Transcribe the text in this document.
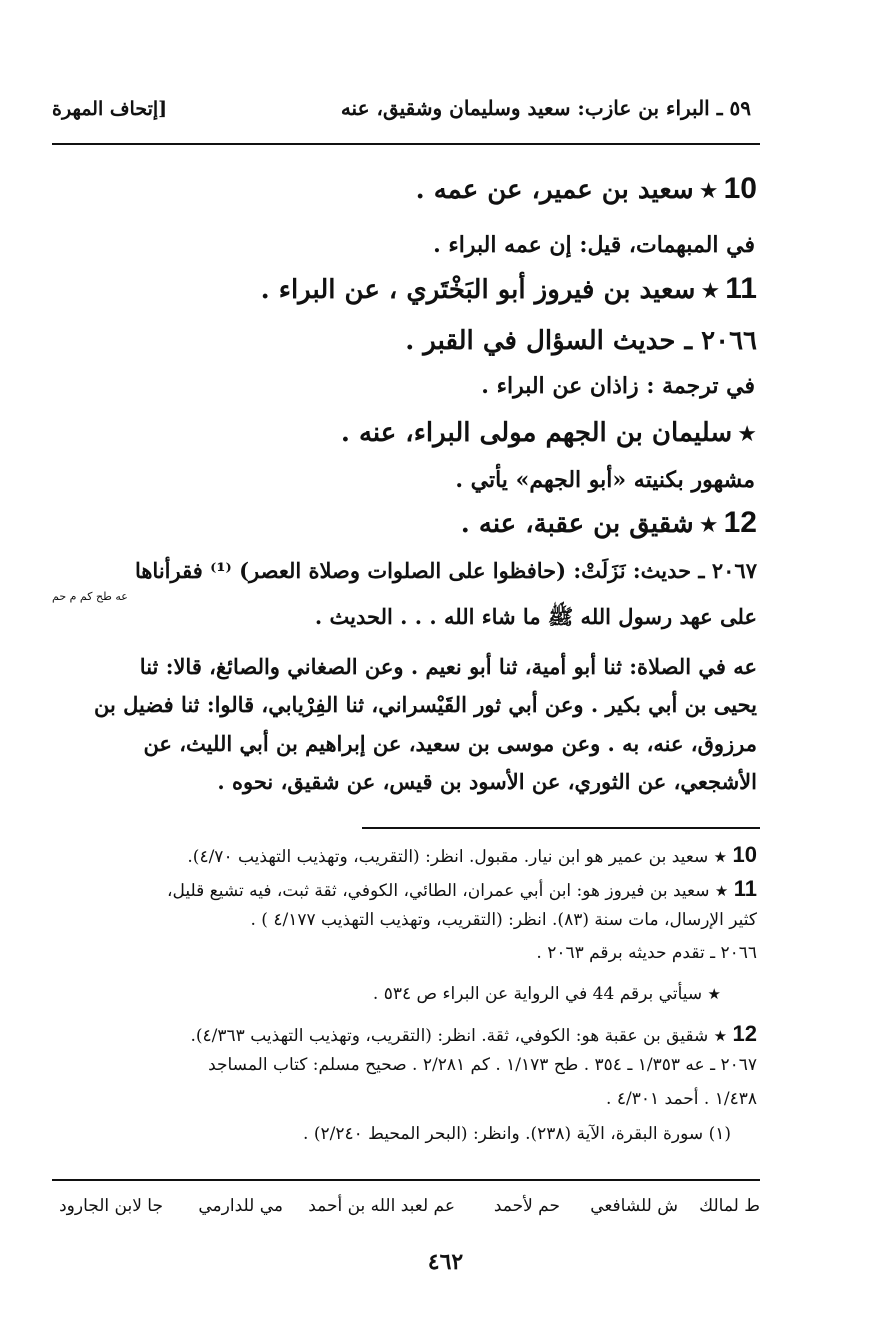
[إتحاف المهرة	٥٩ ـ البراء بن عازب: سعيد وسليمان وشقيق، عنه
10 ★ سعيد بن عمير، عن عمه .
في المبهمات، قيل: إن عمه البراء .
11 ★ سعيد بن فيروز أبو البَخْتَري ، عن البراء .
٢٠٦٦ ـ حديث السؤال في القبر .
في ترجمة : زاذان عن البراء .
★ سليمان بن الجهم مولى البراء، عنه .
مشهور بكنيته «أبو الجهم» يأتي .
12 ★ شقيق بن عقبة، عنه .
٢٠٦٧ ـ حديث: نَزَلَتْ: (حافظوا على الصلوات وصلاة العصر) ⁽¹⁾ فقرأناها
عه طح كم م حم
على عهد رسول الله ﷺ ما شاء الله . . . الحديث .
عه في الصلاة: ثنا أبو أمية، ثنا أبو نعيم . وعن الصغاني والصائغ، قالا: ثنا
يحيى بن أبي بكير . وعن أبي ثور القَيْسراني، ثنا الفِرْيابي، قالوا: ثنا فضيل بن
مرزوق، عنه، به . وعن موسى بن سعيد، عن إبراهيم بن أبي الليث، عن
الأشجعي، عن الثوري، عن الأسود بن قيس، عن شقيق، نحوه .
10 ★ سعيد بن عمير هو ابن نيار. مقبول. انظر: (التقريب، وتهذيب التهذيب ٤/٧٠).
11 ★ سعيد بن فيروز هو: ابن أبي عمران، الطائي، الكوفي، ثقة ثبت، فيه تشيع قليل،
كثير الإرسال، مات سنة (٨٣). انظر: (التقريب، وتهذيب التهذيب ٤/١٧٧ ) .
٢٠٦٦ ـ تقدم حديثه برقم ٢٠٦٣ .
★ سيأتي برقم 44 في الرواية عن البراء ص ٥٣٤ .
12 ★ شقيق بن عقبة هو: الكوفي، ثقة. انظر: (التقريب، وتهذيب التهذيب ٤/٣٦٣).
٢٠٦٧ ـ عه ١/٣٥٣ ـ ٣٥٤ . طح ١/١٧٣ . كم ٢/٢٨١ . صحيح مسلم: كتاب المساجد
١/٤٣٨ . أحمد ٤/٣٠١ .
(١) سورة البقرة، الآية (٢٣٨). وانظر: (البحر المحيط ٢/٢٤٠) .
ط لمالك
ش للشافعي
حم لأحمد
عم لعبد الله بن أحمد
مي للدارمي
جا لابن الجارود
٤٦٢
